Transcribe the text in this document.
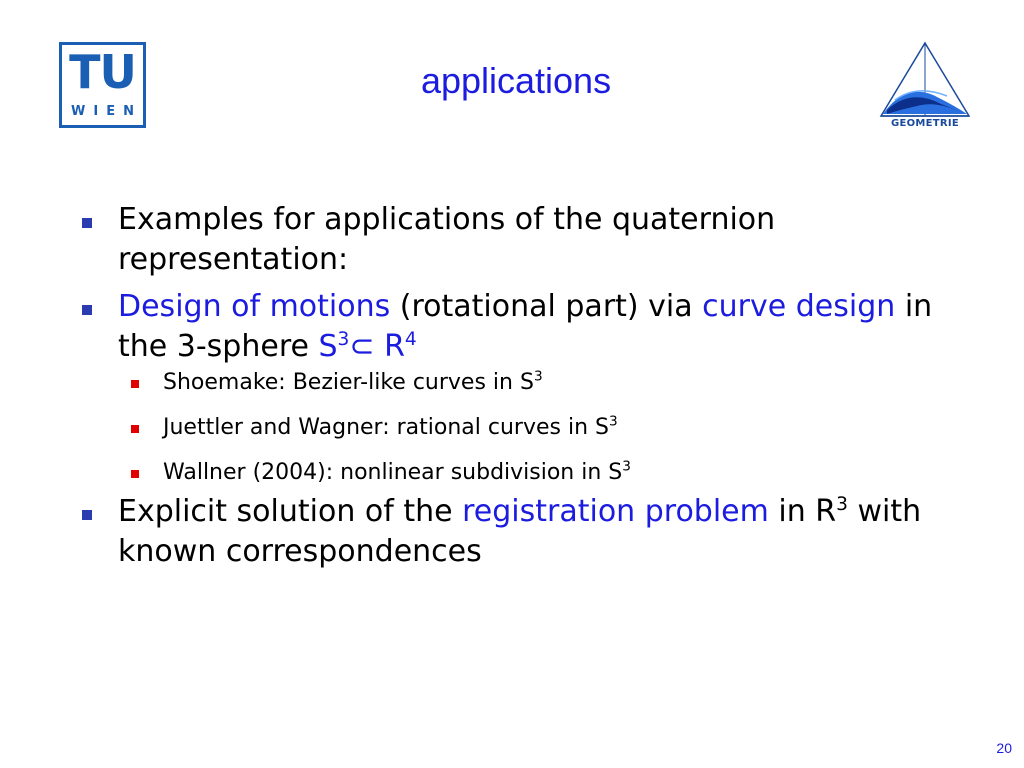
TU
WIEN
applications
GEOMETRIE
Examples for applications of the quaternion representation:
Design of motions (rotational part) via curve design in the 3-sphere $S^3\subset$ $R^4$
Shoemake: Bezier-like curves in $S^3$
Juettler and Wagner: rational curves in $S^3$
Wallner (2004): nonlinear subdivision in $S^3$
Explicit solution of the registration problem in $R^3$ with known correspondences
20
